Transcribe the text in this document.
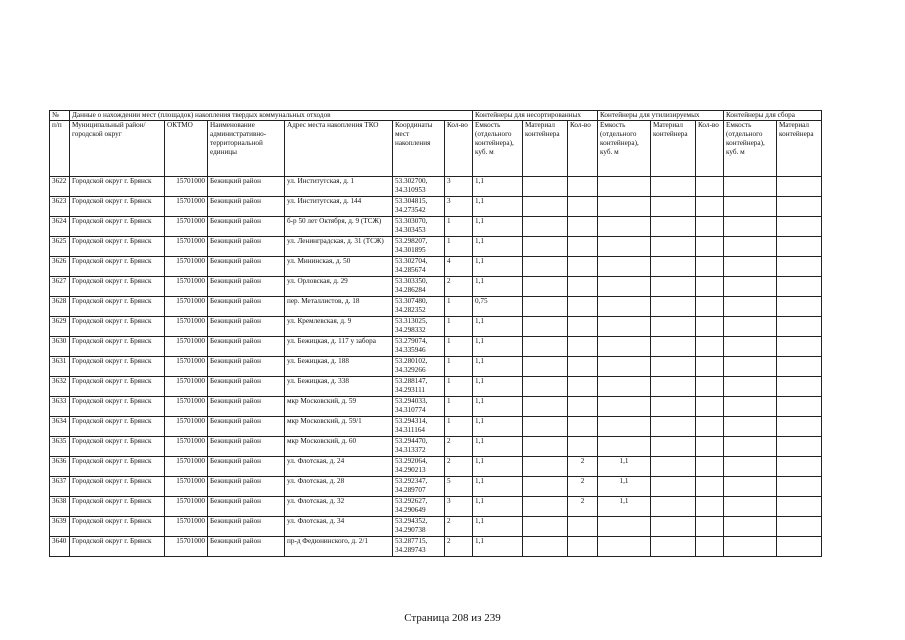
№	Данные о нахождении мест (площадок) накопления твердых коммунальных отходов						Контейнеры для несортированных			Контейнеры для утилизируемых			Контейнеры для сбора	
п/п	Муниципальный район/городской округ	ОКТМО	Наименование административно-территориальной единицы	Адрес места накопления ТКО	Координаты мест накопления	Кол-во	Емкость (отдельного контейнера), куб. м	Материал контейнера	Кол-во	Емкость (отдельного контейнера), куб. м	Материал контейнера	Кол-во	Емкость (отдельного контейнера), куб. м	Материал контейнера
3622	Городской округ г. Брянск	15701000	Бежицкий район	ул. Институтская, д. 1	53.302700, 34.310953	3	1,1							
3623	Городской округ г. Брянск	15701000	Бежицкий район	ул. Институтская, д. 144	53.304815, 34.273542	3	1,1							
3624	Городской округ г. Брянск	15701000	Бежицкий район	б-р 50 лет Октября, д. 9 (ТСЖ)	53.303070, 34.303453	1	1,1							
3625	Городской округ г. Брянск	15701000	Бежицкий район	ул. Ленинградская, д. 31 (ТСЖ)	53.298207, 34.301895	1	1,1							
3626	Городской округ г. Брянск	15701000	Бежицкий район	ул. Мининская, д. 50	53.302704, 34.285674	4	1,1							
3627	Городской округ г. Брянск	15701000	Бежицкий район	ул. Орловская, д. 29	53.303350, 34.286284	2	1,1							
3628	Городской округ г. Брянск	15701000	Бежицкий район	пер. Металлистов, д. 18	53.307480, 34.282352	1	0,75							
3629	Городской округ г. Брянск	15701000	Бежицкий район	ул. Кремлевская, д. 9	53.313025, 34.298332	1	1,1							
3630	Городской округ г. Брянск	15701000	Бежицкий район	ул. Бежицкая, д. 117 у забора	53.279074, 34.335946	1	1,1							
3631	Городской округ г. Брянск	15701000	Бежицкий район	ул. Бежицкая, д. 188	53.280102, 34.329266	1	1,1							
3632	Городской округ г. Брянск	15701000	Бежицкий район	ул. Бежицкая, д. 338	53.288147, 34.293111	1	1,1							
3633	Городской округ г. Брянск	15701000	Бежицкий район	мкр Московский, д. 59	53.294033, 34.310774	1	1,1							
3634	Городской округ г. Брянск	15701000	Бежицкий район	мкр Московский, д. 59/1	53.294314, 34.311164	1	1,1							
3635	Городской округ г. Брянск	15701000	Бежицкий район	мкр Московский, д. 60	53.294470, 34.313372	2	1,1							
3636	Городской округ г. Брянск	15701000	Бежицкий район	ул. Флотская, д. 24	53.292064, 34.290213	2	1,1		2	1,1				
3637	Городской округ г. Брянск	15701000	Бежицкий район	ул. Флотская, д. 28	53.292347, 34.289707	5	1,1		2	1,1				
3638	Городской округ г. Брянск	15701000	Бежицкий район	ул. Флотская, д. 32	53.292627, 34.290649	3	1,1		2	1,1				
3639	Городской округ г. Брянск	15701000	Бежицкий район	ул. Флотская, д. 34	53.294352, 34.290738	2	1,1							
3640	Городской округ г. Брянск	15701000	Бежицкий район	пр-д Федюнинского, д. 2/1	53.287715, 34.289743	2	1,1							
Страница 208 из 239
